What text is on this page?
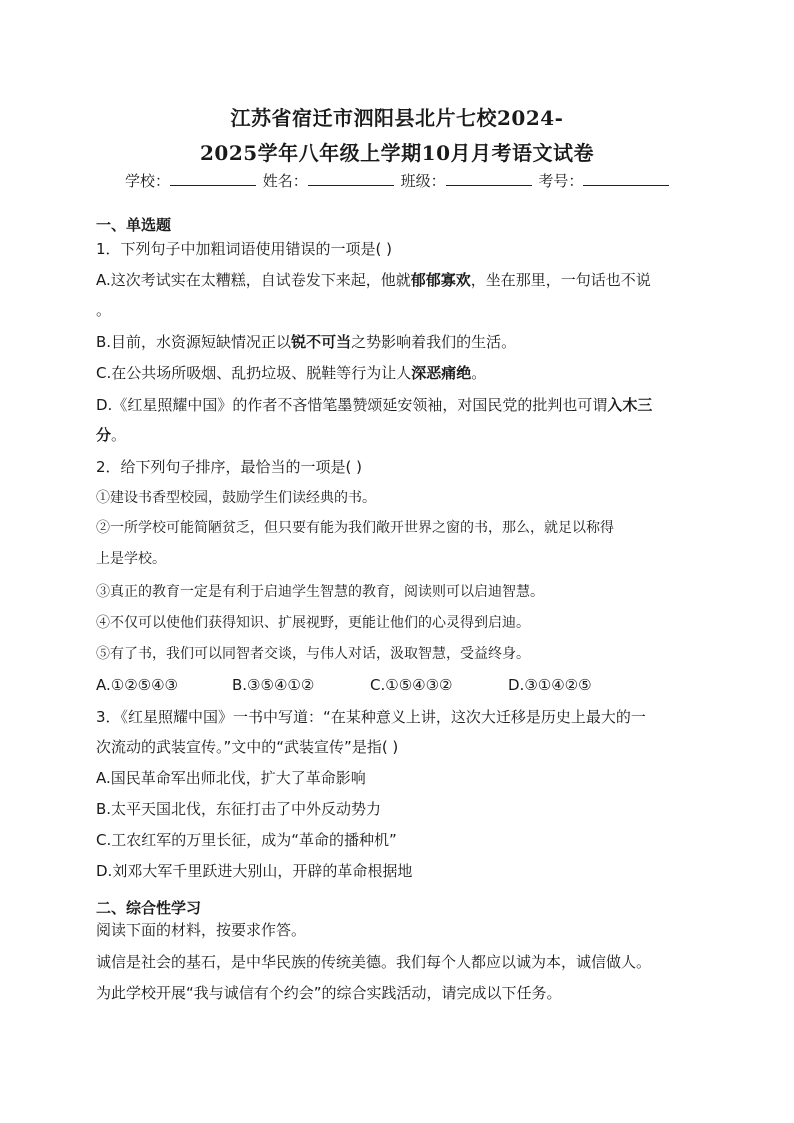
江苏省宿迁市泗阳县北片七校2024-
2025学年八年级上学期10月月考语文试卷
学校：	姓名：	班级：	考号：
一、单选题
1．下列句子中加粗词语使用错误的一项是( )
A.这次考试实在太糟糕，自试卷发下来起，他就郁郁寡欢，坐在那里，一句话也不说
。
B.目前，水资源短缺情况正以锐不可当之势影响着我们的生活。
C.在公共场所吸烟、乱扔垃圾、脱鞋等行为让人深恶痛绝。
D.《红星照耀中国》的作者不吝惜笔墨赞颂延安领袖，对国民党的批判也可谓入木三
分。
2．给下列句子排序，最恰当的一项是( )
①建设书香型校园，鼓励学生们读经典的书。
②一所学校可能简陋贫乏，但只要有能为我们敞开世界之窗的书，那么，就足以称得
上是学校。
③真正的教育一定是有利于启迪学生智慧的教育，阅读则可以启迪智慧。
④不仅可以使他们获得知识、扩展视野，更能让他们的心灵得到启迪。
⑤有了书，我们可以同智者交谈，与伟人对话，汲取智慧，受益终身。
A.①②⑤④③	B.③⑤④①②	C.①⑤④③②	D.③①④②⑤
3．《红星照耀中国》一书中写道：“在某种意义上讲，这次大迁移是历史上最大的一
次流动的武装宣传。”文中的“武装宣传”是指( )
A.国民革命军出师北伐，扩大了革命影响
B.太平天国北伐，东征打击了中外反动势力
C.工农红军的万里长征，成为“革命的播种机”
D.刘邓大军千里跃进大别山，开辟的革命根据地
二、综合性学习
阅读下面的材料，按要求作答。
诚信是社会的基石，是中华民族的传统美德。我们每个人都应以诚为本，诚信做人。
为此学校开展“我与诚信有个约会”的综合实践活动，请完成以下任务。
